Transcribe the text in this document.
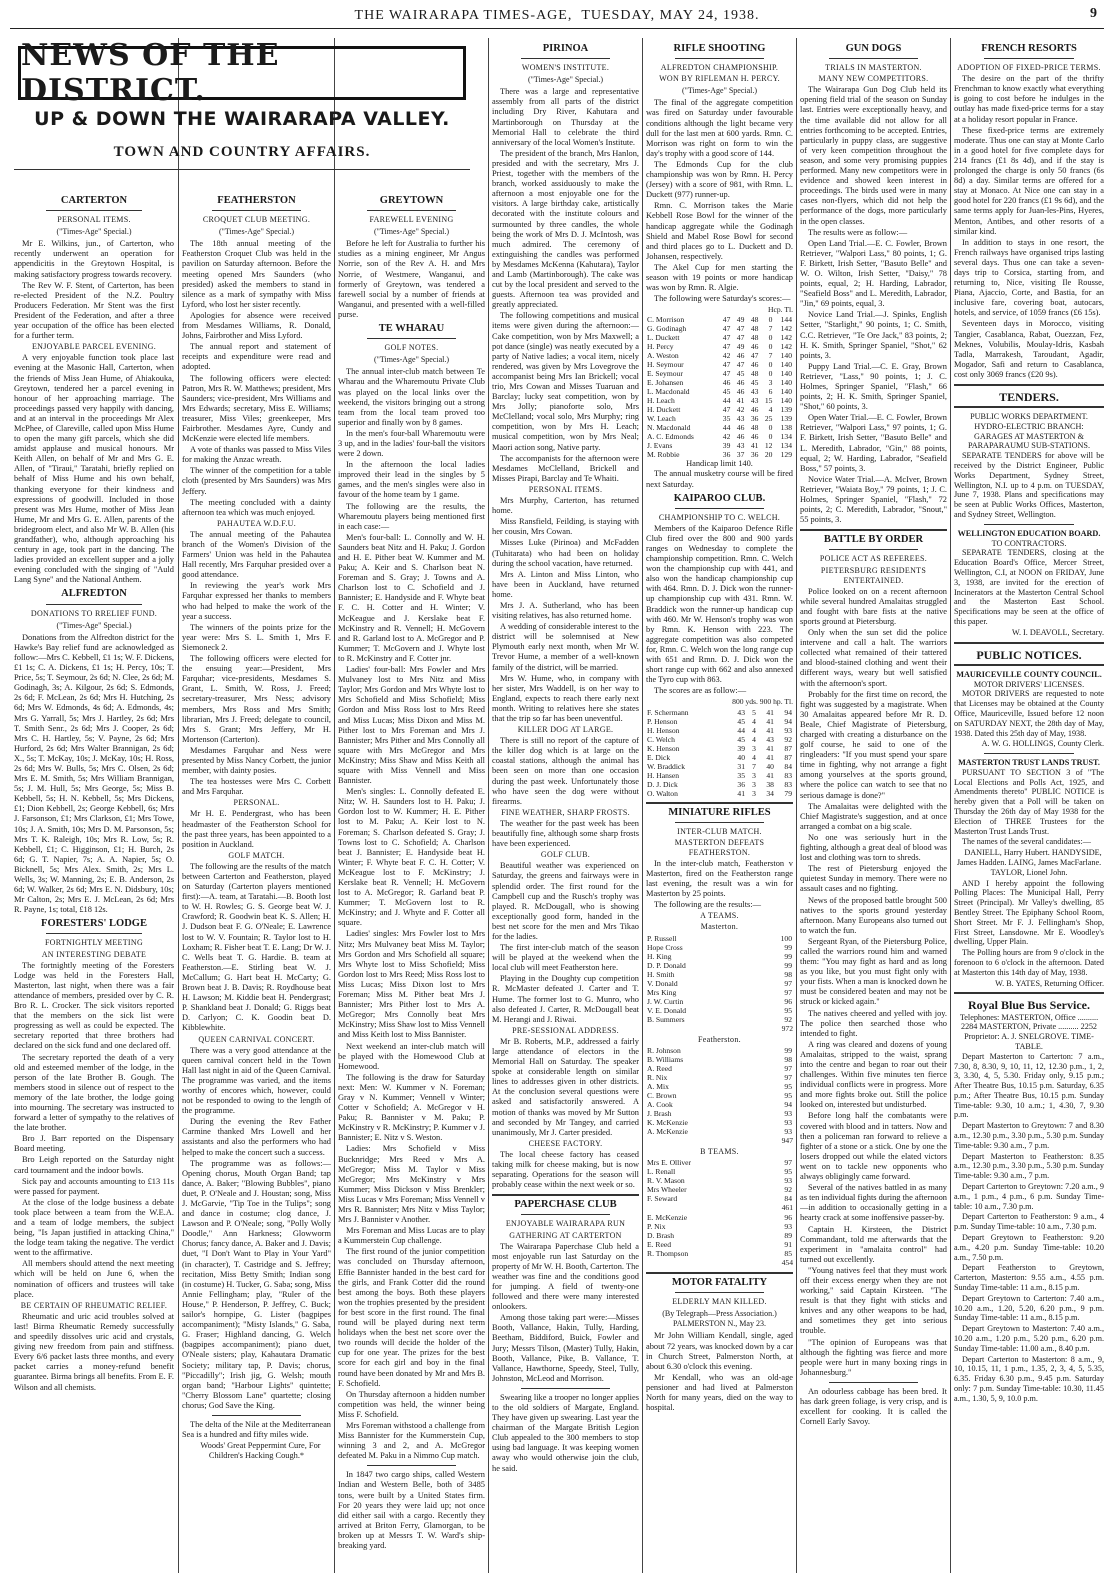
THE WAIRARAPA TIMES-AGE,
TUESDAY, MAY 24, 1938.	9
NEWS OF THE DISTRICT.
UP & DOWN THE WAIRARAPA VALLEY.
TOWN AND COUNTRY AFFAIRS.
CARTERTON
PERSONAL ITEMS.
("Times-Age" Special.)

Mr E. Wilkins, jun., of Carterton, who recently underwent an operation for appendicitis in the Greytown Hospital, is making satisfactory progress towards recovery.

The Rev W. F. Stent, of Carterton, has been re-elected President of the N.Z. Poultry Producers Federation. Mr Stent was the first President of the Federation, and after a three year occupation of the office has been elected for a further term.

ENJOYABLE PARCEL EVENING.

A very enjoyable function took place last evening at the Masonic Hall, Carterton, when the friends of Miss Jean Hume, of Ahiakouka, Greytown, tendered her a parcel evening in honour of her approaching marriage. The proceedings passed very happily with dancing, and at an interval in the proceedings Mr Alex McPhee, of Clareville, called upon Miss Hume to open the many gift parcels, which she did amidst applause and musical honours. Mr Keith Allen, on behalf of Mr and Mrs G. E. Allen, of "Tiraui," Taratahi, briefly replied on behalf of Miss Hume and his own behalf, thanking everyone for their kindness and expressions of goodwill. Included in those present was Mrs Hume, mother of Miss Jean Hume, Mr and Mrs G. E. Allen, parents of the bridegroom elect, and also Mr W. B. Allen (his grandfather), who, although approaching his century in age, took part in the dancing. The ladies provided an excellent supper and a jolly evening concluded with the singing of "Auld Lang Syne" and the National Anthem.

ALFREDTON
DONATIONS TO RRELIEF FUND.
("Times-Age" Special.)

Donations from the Alfredton district for the Hawke's Bay relief fund are acknowledged as follow:—Mrs C. Kebbell, £1 1s; W. F. Dickens, £1 1s; C. A. Dickens, £1 1s; H. Percy, 10s; T. Price, 5s; T. Seymour, 2s 6d; N. Clee, 2s 6d; M. Godinagh, 3s; A. Kilgour, 2s 6d; S. Edmonds, 2s 6d; F. McLean, 2s 6d; Mrs H. Hutching, 2s 6d; Mrs W. Edmonds, 4s 6d; A. Edmonds, 4s; Mrs G. Yarrall, 5s; Mrs J. Hartley, 2s 6d; Mrs T. Smith Senr., 2s 6d; Mrs J. Cooper, 2s 6d; Mrs C. H. Hartley, 5s; V. Payne, 2s 6d; Mrs Hurford, 2s 6d; Mrs Walter Brannigan, 2s 6d; X., 5s; T. McKay, 10s; J. McKay, 10s; H. Ross, 2s 6d; Mrs W. Bulls, 5s; Mrs C. Olsen, 2s 6d; Mrs E. M. Smith, 5s; Mrs William Brannigan, 5s; J. M. Hull, 5s; Mrs George, 5s; Miss B. Kebbell, 5s; H. N. Kebbell, 5s; Mrs Dickens, £1; Dion Kebbell, 2s; George Kebbell, 6s; Mrs J. Farsonson, £1; Mrs Clarkson, £1; Mrs Towe, 10s; J. A. Smith, 10s; Mrs D. M. Parsonson, 5s; Mrs T. K. Raleigh, 10s; Mrs R. Low, 5s; R. Kebbell, £1; C. Higginson, £1; H. Burch, 2s 6d; G. T. Napier, 7s; A. A. Napier, 5s; O. Bicknell, 5s; Mrs Alex. Smith, 2s; Mrs L. Wells, 3s; W. Manning, 2s; E. B. Anderson, 2s 6d; W. Walker, 2s 6d; Mrs E. N. Didsbury, 10s; Mr Calton, 2s; Mrs E. J. McLean, 2s 6d; Mrs R. Payne, 1s; total, £18 12s.

FORESTERS' LODGE
FORTNIGHTLY MEETING
AN INTERESTING DEBATE

The fortnightly meeting of the Foresters Lodge was held in the Foresters Hall, Masterton, last night, when there was a fair attendance of members, presided over by C. R. Bro R. L. Crocker. The sick visitors reported that the members on the sick list were progressing as well as could be expected. The secretary reported that three brothers had declared on the sick fund and one declared off.

The secretary reported the death of a very old and esteemed member of the lodge, in the person of the late Brother B. Gough. The members stood in silence out of respect to the memory of the late brother, the lodge going into mourning. The secretary was instructed to forward a letter of sympathy to the relatives of the late brother.

Bro J. Barr reported on the Dispensary Board meeting.

Bro Leigh reported on the Saturday night card tournament and the indoor bowls.

Sick pay and accounts amounting to £13 11s were passed for payment.

At the close of the lodge business a debate took place between a team from the W.E.A. and a team of lodge members, the subject being, "Is Japan justified in attacking China," the lodge team taking the negative. The verdict went to the affirmative.

All members should attend the next meeting which will be held on June 6, when the nomination of officers and trustees will take place.

BE CERTAIN OF RHEUMATIC RELIEF.

Rheumatic and uric acid troubles solved at last! Birma Rheumatic Remedy successfully and speedily dissolves uric acid and crystals, giving new freedom from pain and stiffness. Every 6/6 packet lasts three months, and every packet carries a money-refund benefit guarantee. Birma brings all benefits. From E. F. Wilson and all chemists.

FEATHERSTON
CROQUET CLUB MEETING.
("Times-Age" Special.)

The 18th annual meeting of the Featherston Croquet Club was held in the pavilion on Saturday afternoon. Before the meeting opened Mrs Saunders (who presided) asked the members to stand in silence as a mark of sympathy with Miss Lyford, who lost her sister recently.

Apologies for absence were received from Mesdames Williams, R. Donald, Johns, Fairbrother and Miss Lyford.

The annual report and statement of receipts and expenditure were read and adopted.

The following officers were elected: Patron, Mrs R. W. Matthews; president, Mrs Saunders; vice-president, Mrs Williams and Mrs Edwards; secretary, Miss E. Williams; treasurer, Miss Viles; greenkeeper, Mrs Fairbrother. Mesdames Ayre, Cundy and McKenzie were elected life members.

A vote of thanks was passed to Miss Viles for making the Anzac wreath.

The winner of the competition for a table cloth (presented by Mrs Saunders) was Mrs Jeffery.

The meeting concluded with a dainty afternoon tea which was much enjoyed.

PAHAUTEA W.D.F.U.

The annual meeting of the Pahautea branch of the Women's Division of the Farmers' Union was held in the Pahautea Hall recently, Mrs Farquhar presided over a good attendance.

In reviewing the year's work Mrs Farquhar expressed her thanks to members who had helped to make the work of the year a success.

The winners of the points prize for the year were: Mrs S. L. Smith 1, Mrs F. Siemoneck 2.

The following officers were elected for the ensuing year:—President, Mrs Farquhar; vice-presidents, Mesdames S. Grant, L. Smith, W. Ross, J. Freed; secretary-treasurer, Mrs Ness; advisory members, Mrs Ross and Mrs Smith; librarian, Mrs J. Freed; delegate to council, Mrs S. Grant; Mrs Jeffery, Mr H. Mortenson (Carterton).

Mesdames Farquhar and Ness were presented by Miss Nancy Corbett, the junior member, with dainty posies.

The tea hostesses were Mrs C. Corbett and Mrs Farquhar.

PERSONAL.

Mr H. E. Pendergrast, who has been headmaster of the Featherston School for the past three years, has been appointed to a position in Auckland.

GOLF MATCH.

The following are the results of the match between Carterton and Featherston, played on Saturday (Carterton players mentioned first):—A. team, at Taratahi.—B. Booth lost to W. H. Rowles; G. S. George beat W. J. Crawford; R. Goodwin beat K. S. Allen; H. J. Dudson beat F. G. O'Neale; E. Lawrence lost to W. V. Fountain; R. Taylor lost to H. Loxham; R. Fisher beat T. E. Lang; Dr W. J. C. Wells beat T. G. Hardie. B. team at Featherston.—E. Stirling beat W. J. McCallum; G. Hart beat H. McCarty; G. Brown beat J. B. Davis; R. Roydhouse beat H. Lawson; M. Kiddie beat H. Pendergrast; P. Shankland beat J. Donald; G. Riggs beat D. Carlyon; C. K. Goodin beat D. Kibblewhite.

QUEEN CARNIVAL CONCERT.

There was a very good attendance at the queen carnival concert held in the Town Hall last night in aid of the Queen Carnival. The programme was varied, and the items worthy of encores which, however, could not be responded to owing to the length of the programme.

During the evening the Rev Father Carmine thanked Mrs Lowell and her assistants and also the performers who had helped to make the concert such a success.

The programme was as follows:—Opening chorus, Mouth Organ Band; tap dance, A. Baker; "Blowing Bubbles", piano duet, P. O'Neale and J. Houstan; song, Miss J. McGarvie, "Tip Toe in the Tulips"; song and dance in costume; clog dance, J. Lawson and P. O'Neale; song, "Polly Wolly Doodle," Ann Harkness; Glowworm Chorus; fancy dance, A. Baker and J. Davis; duet, "I Don't Want to Play in Your Yard" (in character), T. Castridge and S. Jeffrey; recitation, Miss Betty Smith; Indian song (in costume) H. Tucker, G. Saba; song, Miss Annie Fellingham; play, "Ruler of the House," P. Henderson, P. Jeffrey, C. Buck; sailor's hornpipe, G. Lister (bagpipes accompaniment); "Misty Islands," G. Saba, G. Fraser; Highland dancing, G. Welch (bagpipes accompaniment); piano duet, O'Neale sisters; play, Kahautara Dramatic Society; military tap, P. Davis; chorus, "Piccadilly"; Irish jig, G. Welsh; mouth organ band; "Harbour Lights" quintette; "Cherry Blossom Lane" quartette; closing chorus; God Save the King.

The delta of the Nile at the Mediterranean Sea is a hundred and fifty miles wide.

Woods' Great Peppermint Cure, For Children's Hacking Cough.*

GREYTOWN
FAREWELL EVENING
("Times-Age" Special.)

Before he left for Australia to further his studies as a mining engineer, Mr Angus Norrie, son of the Rev A. H. and Mrs Norrie, of Westmere, Wanganui, and formerly of Greytown, was tendered a farewell social by a number of friends at Wanganui, and presented with a well-filled purse.

TE WHARAU
GOLF NOTES.
("Times-Age" Special.)

The annual inter-club match between Te Wharau and the Wharemoutu Private Club was played on the local links over the weekend, the visitors bringing out a strong team from the local team proved too superior and finally won by 8 games.

In the men's four-ball Wharemoutu were 3 up, and in the ladies' four-ball the visitors were 2 down.

In the afternoon the local ladies improved their lead in the singles by 5 games, and the men's singles were also in favour of the home team by 1 game.

The following are the results, the Wharemoutu players being mentioned first in each case:—

Men's four-ball: L. Connolly and W. H. Saunders beat Nitz and H. Paku; J. Gordon and H. E. Pither beat W. Kummer and M. Paku; A. Keir and S. Charlson beat N. Foreman and S. Gray; J. Towns and A. Charlson lost to C. Schofield and J. Bannister; E. Handyside and F. Whyte beat F. C. H. Cotter and H. Winter; V. McKeague and J. Kerslake beat F. McKinstry and R. Vennell; H. McGovern and R. Garland lost to A. McGregor and P. Kummer; T. McGovern and J. Whyte lost to R. McKinstry and F. Cotter jnr.

Ladies' four-ball: Mrs Fowler and Mrs Mulvaney lost to Mrs Nitz and Miss Taylor; Mrs Gordon and Mrs Whyte lost to Mrs Schofield and Miss Schofield; Miss Gordon and Miss Ross lost to Mrs Reed and Miss Lucas; Miss Dixon and Miss M. Pither lost to Mrs Foreman and Mrs J. Bannister; Mrs Pither and Mrs Connolly all square with Mrs McGregor and Mrs McKinstry; Miss Shaw and Miss Keith all square with Miss Vennell and Miss Bannister.

Men's singles: L. Connolly defeated E. Nitz; W. H. Saunders lost to H. Paku; J. Gordon lost to W. Kummer; H. E. Pither lost to M. Paku; A. Keir lost to N. Foreman; S. Charlson defeated S. Gray; J. Towns lost to C. Schofield; A. Charlson beat J. Bannister; E. Handyside beat H. Winter; F. Whyte beat F. C. H. Cotter; V. McKeague lost to F. McKinstry; J. Kerslake beat R. Vennell; H. McGovern lost to A. McGregor; R. Garland beat P. Kummer; T. McGovern lost to R. McKinstry; and J. Whyte and F. Cotter all square.

Ladies' singles: Mrs Fowler lost to Mrs Nitz; Mrs Mulvaney beat Miss M. Taylor; Mrs Gordon and Mrs Schofield all square; Mrs Whyte lost to Miss Schofield; Miss Gordon lost to Mrs Reed; Miss Ross lost to Miss Lucas; Miss Dixon lost to Mrs Foreman; Miss M. Pither beat Mrs J. Bannister; Mrs Pither lost to Mrs A. McGregor; Mrs Connolly beat Mrs McKinstry; Miss Shaw lost to Miss Vennell and Miss Keith lost to Miss Bannister.

Next weekend an inter-club match will be played with the Homewood Club at Homewood.

The following is the draw for Saturday next: Men: W. Kummer v N. Foreman; Gray v N. Kummer; Vennell v Winter; Cotter v Schofield; A. McGregor v H. Paku; R. Bannister v M. Paku; P. McKinstry v R. McKinstry; P. Kummer v J. Bannister; E. Nitz v S. Weston.

Ladies: Mrs Schofield v Miss Bucknridge; Mrs Reed v Mrs A. McGregor; Miss M. Taylor v Miss McGregor; Mrs McKinstry v Mrs Kummer; Miss Dickson v Miss Brenkler; Miss Lucas v Mrs Foreman; Miss Vennell v Mrs R. Bannister; Mrs Nitz v Miss Taylor; Mrs J. Bannister v Another.

Mrs Foreman and Miss Lucas are to play a Kummerstein Cup challenge.

The first round of the junior competition was concluded on Thursday afternoon, Effie Bannister handed in the best card for the girls, and Frank Cotter did the round best among the boys. Both these players won the trophies presented by the president for best score in the first round. The final round will be played during next term holidays when the best net score over the two rounds will decide the holder of the cup for one year. The prizes for the best score for each girl and boy in the final round have been donated by Mr and Mrs B. F. Schofield.

On Thursday afternoon a hidden number competition was held, the winner being Miss F. Schofield.

Mrs Foreman withstood a challenge from Miss Bannister for the Kummerstein Cup, winning 3 and 2, and A. McGregor defeated M. Paku in a Nimmo Cup match.

In 1847 two cargo ships, called Western Indian and Western Belle, both of 3485 tons, were built by a United States firm. For 20 years they were laid up; not once did either sail with a cargo. Recently they arrived at Briton Ferry, Glamorgan, to be broken up at Messrs T. W. Ward's ship-breaking yard.

PIRINOA
WOMEN'S INSTITUTE.
("Times-Age" Special.)

There was a large and representative assembly from all parts of the district including Dry River, Kahutara and Martinborough on Thursday at the Memorial Hall to celebrate the third anniversary of the local Women's Institute.

The president of the branch, Mrs Hanlon, presided and with the secretary, Mrs J. Priest, together with the members of the branch, worked assiduously to make the afternoon a most enjoyable one for the visitors. A large birthday cake, artistically decorated with the institute colours and surmounted by three candles, the whole being the work of Mrs D. J. McIntosh, was much admired. The ceremony of extinguishing the candles was performed by Mesdames McKenna (Kahutara), Taylor and Lamb (Martinborough). The cake was cut by the local president and served to the guests. Afternoon tea was provided and greatly appreciated.

The following competitions and musical items were given during the afternoon:—Cake competition, won by Mrs Maxwell; a pot dance (single) was neatly executed by a party of Native ladies; a vocal item, nicely rendered, was given by Mrs Lovegrove the accompanist being Mrs Ian Brickell; vocal trio, Mrs Cowan and Misses Tuaruan and Barclay; lucky seat competition, won by Mrs Jolly; pianoforte solo, Mrs McClelland; vocal solo, Mrs Murphy; ring competition, won by Mrs H. Leach; musical competition, won by Mrs Neal; Maori action song, Native party.

The accompanists for the afternoon were Mesdames McClelland, Brickell and Misses Pirapi, Barclay and Te Whaiti.

PERSONAL ITEMS.

Mrs Murphy, Carterton, has returned home.

Miss Ransfield, Feilding, is staying with her cousin, Mrs Cowan.

Misses Luke (Pirinoa) and McFadden (Tuhitarata) who had been on holiday during the school vacation, have returned.

Mrs A. Linton and Miss Linton, who have been in Auckland, have returned home.

Mrs J. A. Sutherland, who has been visiting relatives, has also returned home.

A wedding of considerable interest to the district will be solemnised at New Plymouth early next month, when Mr W. Trevor Hume, a member of a well-known family of the district, will be married.

Mrs W. Hume, who, in company with her sister, Mrs Waddell, is on her way to England, expects to reach there early next month. Writing to relatives here she states that the trip so far has been uneventful.

KILLER DOG AT LARGE.

There is still no report of the capture of the killer dog which is at large on the coastal stations, although the animal has been seen on more than one occasion during the past week. Unfortunately those who have seen the dog were without firearms.

FINE WEATHER, SHARP FROSTS.

The weather for the past week has been beautifully fine, although some sharp frosts have been experienced.

GOLF CLUB.

Beautiful weather was experienced on Saturday, the greens and fairways were in splendid order. The first round for the Campbell cup and the Rusch's trophy was played. R. McDougall, who is showing exceptionally good form, handed in the best net score for the men and Mrs Tikao for the ladies.

The first inter-club match of the season will be played at the weekend when the local club will meet Featherston here.

Playing in the Doughty cup competition R. McMaster defeated J. Carter and T. Hume. The former lost to G. Munro, who also defeated J. Carter, R. McDougall beat M. Herangi and J. Riwai.

PRE-SESSIONAL ADDRESS.

Mr B. Roberts, M.P., addressed a fairly large attendance of electors in the Memorial Hall on Saturday. The speaker spoke at considerable length on similar lines to addresses given in other districts. At the conclusion several questions were asked and satisfactorily answered. A motion of thanks was moved by Mr Sutton and seconded by Mr Tangey, and carried unanimously, Mr J. Carter presided.

CHEESE FACTORY.

The local cheese factory has ceased taking milk for cheese making, but is now separating. Operations for the season will probably cease within the next week or so.

PAPERCHASE CLUB
ENJOYABLE WAIRARAPA RUN
GATHERING AT CARTERTON

The Wairarapa Paperchase Club held a most enjoyable run last Saturday on the property of Mr W. H. Booth, Carterton. The weather was fine and the conditions good for jumping. A field of twenty-one followed and there were many interested onlookers.

Among those taking part were:—Misses Booth, Vallance, Hakin, Tully, Harding, Beetham, Biddiford, Buick, Fowler and Jury; Messrs Tilson, (Master) Tully, Hakin, Booth, Vallance, Pike, B. Vallance, T. Vallance, Hawthorne, Speedy, Steel, Tully, Johnston, McLeod and Morrison.

Swearing like a trooper no longer applies to the old soldiers of Margate, England. They have given up swearing. Last year the chairman of the Margate British Legion Club appealed to the 300 members to stop using bad language. It was keeping women away who would otherwise join the club, he said.

RIFLE SHOOTING
ALFREDTON CHAMPIONSHIP.
WON BY RIFLEMAN H. PERCY.
("Times-Age" Special.)

The final of the aggregate competition was fired on Saturday under favourable conditions although the light became very dull for the last men at 600 yards. Rmn. C. Morrison was right on form to win the day's trophy with a good score of 144.

The Edmonds Cup for the club championship was won by Rmn. H. Percy (Jersey) with a score of 981, with Rmn. L. Duckett (977) runner-up.

Rmn. C. Morrison takes the Marie Kebbell Rose Bowl for the winner of the handicap aggregate while the Godinagh Shield and Mabel Rose Bowl for second and third places go to L. Duckett and D. Johansen, respectively.

The Akel Cup for men starting the season with 19 points or more handicap was won by Rmn. R. Algie.

The following were Saturday's scores:—

Hcp. Tl.
C. Morrison	47	49	48	0	144
G. Godinagh	47	47	48	7	142
L. Duckett	47	47	48	0	142
H. Percy	47	49	46	0	142
A. Weston	42	46	47	7	140
H. Seymour	47	47	46	0	140
E. Seymour	47	45	48	0	140
E. Johansen	46	46	45	3	140
L. Macdonald	45	46	43	6	140
H. Leach	44	41	43	15	140
H. Duckett	47	42	46	4	139
W. Leach	35	43	36	25	139
N. Macdonald	44	46	48	0	138
A. C. Edmonds	42	46	46	0	134
J. Evans	39	43	41	12	134
M. Robbie	36	37	36	20	129
Handicap limit 140.

The annual musketry course will be fired next Saturday.

KAIPAROO CLUB.
CHAMPIONSHIP TO C. WELCH.

Members of the Kaiparoo Defence Rifle Club fired over the 800 and 900 yards ranges on Wednesday to complete the championship competition. Rmn. C. Welch won the championship cup with 441, and also won the handicap championship cup with 464. Rmn. D. J. Dick won the runner-up championship cup with 431. Rmn. W. Braddick won the runner-up handicap cup with 460. Mr W. Henson's trophy was won by Rmn. K. Henson with 223. The aggregate competition was also competed for, Rmn. C. Welch won the long range cup with 651 and Rmn. D. J. Dick won the short range cup with 662 and also annexed the Tyro cup with 863.

The scores are as follow:—

800 yds. 900 hp. Tl.
F. Schermann	43	5	41	94
P. Henson	45	4	41	94
H. Henson	44	4	41	93
C. Welch	45	4	43	92
K. Henson	39	3	41	87
E. Dick	40	4	41	87
W. Braddick	31	7	40	84
H. Hansen	35	3	41	83
D. J. Dick	36	3	38	83
O. Walton	41	3	34	79
MINIATURE RIFLES
INTER-CLUB MATCH.
MASTERTON DEFEATS FEATHERSTON.

In the inter-club match, Featherston v Masterton, fired on the Featherston range last evening, the result was a win for Masterton by 25 points.

The following are the results:—

A TEAMS.
Masterton.
P. Russell	100
Hope Cross	99
H. King	99
D. P. Donald	99
H. Smith	98
V. Donald	97
Mrs King	97
J. W. Curtin	96
V. E. Donald	95
B. Summers	92
972
Featherston.
R. Johnson	99
B. Williams	98
A. Reed	97
R. Nix	97
A. Mix	95
C. Brown	95
A. Cook	94
J. Brash	93
K. McKenzie	93
A. McKenzie	93
947
B TEAMS.
Mrs E. Olliver	97
L. Renall	95
R. V. Mason	93
Mrs Wheeler	92
F. Seward	84
461
E. McKenzie	96
P. Nix	93
D. Brash	89
E. Reed	91
R. Thompson	85
454
MOTOR FATALITY
ELDERLY MAN KILLED.
(By Telegraph—Press Association.) PALMERSTON N., May 23.

Mr John William Kendall, single, aged about 72 years, was knocked down by a car in Church Street, Palmerston North, at about 6.30 o'clock this evening.

Mr Kendall, who was an old-age pensioner and had lived at Palmerston North for many years, died on the way to hospital.

GUN DOGS
TRIALS IN MASTERTON.
MANY NEW COMPETITORS.

The Wairarapa Gun Dog Club held its opening field trial of the season on Sunday last. Entries were exceptionally heavy, and the time available did not allow for all entries forthcoming to be accepted. Entries, particularly in puppy class, are suggestive of very keen competition throughout the season, and some very promising puppies performed. Many new competitors were in evidence and showed keen interest in proceedings. The birds used were in many cases non-flyers, which did not help the performance of the dogs, more particularly in the open classes.

The results were as follow:—

Open Land Trial.—E. C. Fowler, Brown Retriever, "Walpori Lass," 80 points, 1; G. F. Birkett, Irish Setter, "Basuto Belle" and W. O. Wilton, Irish Setter, "Daisy," 78 points, equal, 2; H. Harding, Labrador, "Seafield Boss" and L. Meredith, Labrador, "Jin," 69 points, equal, 3.

Novice Land Trial.—J. Spinks, English Setter, "Starlight," 90 points, 1; C. Smith, C.C. Retriever, "Te Ore Jack," 83 points, 2; H. K. Smith, Springer Spaniel, "Shot," 62 points, 3.

Puppy Land Trial.—C. E. Gray, Brown Retriever, "Lass," 90 points, 1; J. C. Holmes, Springer Spaniel, "Flash," 66 points, 2; H. K. Smith, Springer Spaniel, "Shot," 60 points, 3.

Open Water Trial.—E. C. Fowler, Brown Retriever, "Walpori Lass," 97 points, 1; G. F. Birkett, Irish Setter, "Basuto Belle" and L. Meredith, Labrador, "Gin," 88 points, equal, 2; W. Harding, Labrador, "Seafield Boss," 57 points, 3.

Novice Water Trial.—A. McIver, Brown Retriever, "Waiata Boy," 79 points, 1; J. C. Holmes, Springer Spaniel, "Flash," 72 points, 2; C. Meredith, Labrador, "Snout," 55 points, 3.

BATTLE BY ORDER
POLICE ACT AS REFEREES.
PIETERSBURG RESIDENTS ENTERTAINED.

Police looked on on a recent afternoon while several hundred Amalaitas struggled and fought with bare fists at the native sports ground at Pietersburg.

Only when the sun set did the police intervene and call a halt. The warriors collected what remained of their tattered and blood-stained clothing and went their different ways, weary but well satisfied with the afternoon's sport.

Probably for the first time on record, the fight was suggested by a magistrate. When 30 Amalaitas appeared before Mr R. D. Beale, Chief Magistrate of Pietersburg, charged with creating a disturbance on the golf course, he said to one of the ringleaders: "If you must spend your spare time in fighting, why not arrange a fight among yourselves at the sports ground, where the police can watch to see that no serious damage is done?"

The Amalaitas were delighted with the Chief Magistrate's suggestion, and at once arranged a combat on a big scale.

No one was seriously hurt in the fighting, although a great deal of blood was lost and clothing was torn to shreds.

The rest of Pietersburg enjoyed the quietest Sunday in memory. There were no assault cases and no fighting.

News of the proposed battle brought 500 natives to the sports ground yesterday afternoon. Many Europeans also turned out to watch the fun.

Sergeant Ryan, of the Pietersburg Police, called the warriors round him and warned them: "You may fight as hard and as long as you like, but you must fight only with your fists. When a man is knocked down he must be considered beaten and may not be struck or kicked again."

The natives cheered and yelled with joy. The police then searched those who intended to fight.

A ring was cleared and dozens of young Amalaitas, stripped to the waist, sprang into the centre and began to roar out their challenges. Within five minutes ten fierce individual conflicts were in progress. More and more fights broke out. Still the police looked on, interested but undisturbed.

Before long half the combatants were covered with blood and in tatters. Now and then a policeman ran forward to relieve a fighter of a stone or a stick. One by one the losers dropped out while the elated victors went on to tackle new opponents who always obligingly came forward.

Several of the natives battled in as many as ten individual fights during the afternoon—in addition to occasionally getting in a hearty crack at some inoffensive passer-by.

Captain H. Kirsteen, the District Commandant, told me afterwards that the experiment in "amalaita control" had turned out excellently.

"Young natives feel that they must work off their excess energy when they are not working," said Captain Kirsteen. "The result is that they fight with sticks and knives and any other weapons to be had, and sometimes they get into serious trouble.

"The opinion of Europeans was that although the fighting was fierce and more people were hurt in many boxing rings in Johannesburg."

An odourless cabbage has been bred. It has dark green foliage, is very crisp, and is excellent for cooking. It is called the Cornell Early Savoy.

FRENCH RESORTS
ADOPTION OF FIXED-PRICE TERMS.

The desire on the part of the thrifty Frenchman to know exactly what everything is going to cost before he indulges in the outlay has made fixed-price terms for a stay at a holiday resort popular in France.

These fixed-price terms are extremely moderate. Thus one can stay at Monte Carlo in a good hotel for five complete days for 214 francs (£1 8s 4d), and if the stay is prolonged the charge is only 50 francs (6s 8d) a day. Similar terms are offered for a stay at Monaco. At Nice one can stay in a good hotel for 220 francs (£1 9s 6d), and the same terms apply for Juan-les-Pins, Hyeres, Menton, Antibes, and other resorts of a similar kind.

In addition to stays in one resort, the French railways have organised trips lasting several days. Thus one can take a seven-days trip to Corsica, starting from, and returning to, Nice, visiting Ile Rousse, Piana, Ajaccio, Corte, and Bastia, for an inclusive fare, covering boat, autocars, hotels, and service, of 1059 francs (£6 15s).

Seventeen days in Morocco, visiting Tangier, Casablanca, Rabat, Ouezzan, Fez, Meknes, Volubilis, Moulay-Idris, Kasbah Tadla, Marrakesh, Taroudant, Agadir, Mogador, Safi and return to Casablanca, cost only 3069 francs (£20 9s).

TENDERS.
PUBLIC WORKS DEPARTMENT. HYDRO-ELECTRIC BRANCH: GARAGES AT MASTERTON & PARAPARAUMU SUB-STATIONS.

SEPARATE TENDERS for above will be received by the District Engineer, Public Works Department, Sydney Street, Wellington, N.I. up to 4 p.m. on TUESDAY, June 7, 1938. Plans and specifications may be seen at Public Works Offices, Masterton, and Sydney Street, Wellington.

WELLINGTON EDUCATION BOARD.
TO CONTRACTORS.

SEPARATE TENDERS, closing at the Education Board's Office, Mercer Street, Wellington, C.I, at NOON on FRIDAY, June 3, 1938, are invited for the erection of Incinerators at the Masterton Central School and the Masterton East School. Specifications may be seen at the office of this paper.

W. I. DEAVOLL, Secretary.
PUBLIC NOTICES.
MAURICEVILLE COUNTY COUNCIL.
MOTOR DRIVERS' LICENSES.

MOTOR DRIVERS are requested to note that Licenses may be obtained at the County Office, Mauriceville, Issued before 12 noon on SATURDAY NEXT, the 28th day of May, 1938. Dated this 25th day of May, 1938.

A. W. G. HOLLINGS, County Clerk.
MASTERTON TRUST LANDS TRUST.

PURSUANT TO SECTION 3 of "The Local Elections and Polls Act, 1925, and Amendments thereto" PUBLIC NOTICE is hereby given that a Poll will be taken on Thursday the 26th day of May 1938 for the Election of THREE Trustees for the Masterton Trust Lands Trust.

The names of the several candidates:—

DANIELL, Harry Hubert. HANDYSIDE, James Hadden. LAING, James MacFarlane. TAYLOR, Lionel John.

AND I hereby appoint the following Polling Places: The Municipal Hall, Perry Street (Principal). Mr Valley's dwelling, 85 Bentley Street. The Epiphany School Room, Short Street. Mr F. J. Fellingham's Shop, First Street, Lansdowne. Mr E. Woodley's dwelling, Upper Plain.

The Polling hours are from 9 o'clock in the forenoon to 6 o'clock in the afternoon. Dated at Masterton this 14th day of May, 1938.

W. B. YATES, Returning Officer.
Royal Blue Bus Service.
Telephones: MASTERTON, Office .......... 2284 MASTERTON, Private .......... 2252
Proprietor: A. J. SNELGROVE. TIME-TABLE.

Depart Masterton to Carterton: 7 a.m., 7.30, 8, 8.30, 9, 10, 11, 12, 12.30 p.m., 1, 2, 3, 3.30, 4, 5, 5.30. Friday only, 9.15 p.m.; After Theatre Bus, 10.15 p.m. Saturday, 6.35 p.m.; After Theatre Bus, 10.15 p.m. Sunday Time-table: 9.30, 10 a.m.; 1, 4.30, 7, 9.30 p.m.

Depart Masterton to Greytown: 7 and 8.30 a.m., 12.30 p.m., 3.30 p.m., 5.30 p.m. Sunday Time-table: 9.30 a.m., 7 p.m.

Depart Masterton to Featherston: 8.35 a.m., 12.30 p.m., 3.30 p.m., 5.30 p.m. Sunday Time-table: 9.30 a.m., 7 p.m.

Depart Carterton to Greytown: 7.20 a.m., 9 a.m., 1 p.m., 4 p.m., 6 p.m. Sunday Time-table: 10 a.m., 7.30 p.m.

Depart Carterton to Featherston: 9 a.m., 4 p.m. Sunday Time-table: 10 a.m., 7.30 p.m.

Depart Greytown to Featherston: 9.20 a.m., 4.20 p.m. Sunday Time-table: 10.20 a.m., 7.50 p.m.

Depart Featherston to Greytown, Carterton, Masterton: 9.55 a.m., 4.55 p.m. Sunday Time-table: 11 a.m., 8.15 p.m.

Depart Greytown to Carterton: 7.40 a.m., 10.20 a.m., 1.20, 5.20, 6.20 p.m., 9 p.m. Sunday Time-table: 11 a.m., 8.15 p.m.

Depart Greytown to Masterton: 7.40 a.m., 10.20 a.m., 1.20 p.m., 5.20 p.m., 6.20 p.m. Sunday Time-table: 11.00 a.m., 8.40 p.m.

Depart Carterton to Masterton: 8 a.m., 9, 10, 10.15, 11, 1 p.m., 1.35, 2, 3, 4, 5, 5.35, 6.35. Friday 6.30 p.m., 9.45 p.m. Saturday only: 7 p.m. Sunday Time-table: 10.30, 11.45 a.m., 1.30, 5, 9, 10.0 p.m.
